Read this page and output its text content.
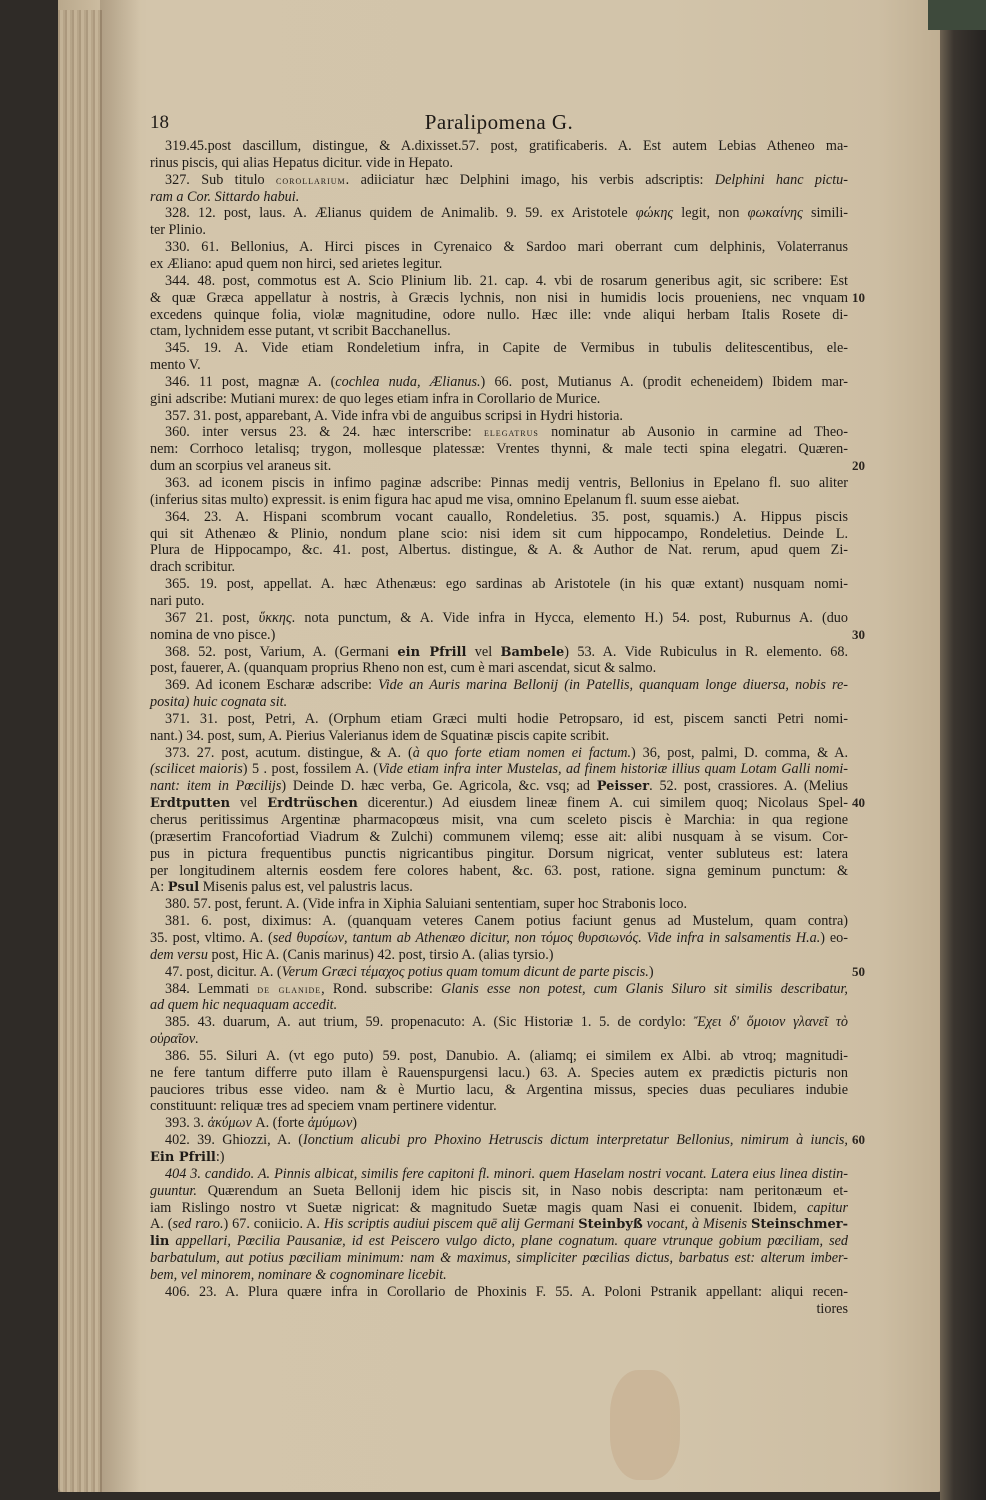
18	Paralipomena G.
319.45.post dascillum, distingue, & A.dixisset.57. post, gratificaberis. A. Est autem Lebias Atheneo ma-
rinus piscis, qui alias Hepatus dicitur. vide in Hepato.
327. Sub titulo corollarium. adiiciatur hæc Delphini imago, his verbis adscriptis: Delphini hanc pictu-
ram a Cor. Sittardo habui.
328. 12. post, laus. A. Ælianus quidem de Animalib. 9. 59. ex Aristotele φώκης legit, non φωκαίνης simili-
ter Plinio.
330. 61. Bellonius, A. Hirci pisces in Cyrenaico & Sardoo mari oberrant cum delphinis, Volaterranus
ex Æliano: apud quem non hirci, sed arietes legitur.
344. 48. post, commotus est A. Scio Plinium lib. 21. cap. 4. vbi de rosarum generibus agit, sic scribere: Est
& quæ Græca appellatur à nostris, à Græcis lychnis, non nisi in humidis locis proueniens, nec vnquam
excedens quinque folia, violæ magnitudine, odore nullo. Hæc ille: vnde aliqui herbam Italis Rosete di-
ctam, lychnidem esse putant, vt scribit Bacchanellus.
345. 19. A. Vide etiam Rondeletium infra, in Capite de Vermibus in tubulis delitescentibus, ele-
mento V.
346. 11 post, magnæ A. (cochlea nuda, Ælianus.) 66. post, Mutianus A. (prodit echeneidem) Ibidem mar-
gini adscribe: Mutiani murex: de quo leges etiam infra in Corollario de Murice.
357. 31. post, apparebant, A. Vide infra vbi de anguibus scripsi in Hydri historia.
360. inter versus 23. & 24. hæc interscribe: elegatrus nominatur ab Ausonio in carmine ad Theo-
nem: Corrhoco letalisq; trygon, mollesque platessæ: Vrentes thynni, & male tecti spina elegatri. Quæren-
dum an scorpius vel araneus sit.
363. ad iconem piscis in infimo paginæ adscribe: Pinnas medij ventris, Bellonius in Epelano fl. suo aliter
(inferius sitas multo) expressit. is enim figura hac apud me visa, omnino Epelanum fl. suum esse aiebat.
364. 23. A. Hispani scombrum vocant cauallo, Rondeletius. 35. post, squamis.) A. Hippus piscis
qui sit Athenæo & Plinio, nondum plane scio: nisi idem sit cum hippocampo, Rondeletius. Deinde L.
Plura de Hippocampo, &c. 41. post, Albertus. distingue, & A. & Author de Nat. rerum, apud quem Zi-
drach scribitur.
365. 19. post, appellat. A. hæc Athenæus: ego sardinas ab Aristotele (in his quæ extant) nusquam nomi-
nari puto.
367 21. post, ὕκκης. nota punctum, & A. Vide infra in Hycca, elemento H.) 54. post, Ruburnus A. (duo
nomina de vno pisce.)
368. 52. post, Varium, A. (Germani ein Pfrill vel Bambele) 53. A. Vide Rubiculus in R. elemento. 68.
post, fauerer, A. (quanquam proprius Rheno non est, cum è mari ascendat, sicut & salmo.
369. Ad iconem Escharæ adscribe: Vide an Auris marina Bellonij (in Patellis, quanquam longe diuersa, nobis re-
posita) huic cognata sit.
371. 31. post, Petri, A. (Orphum etiam Græci multi hodie Petropsaro, id est, piscem sancti Petri nomi-
nant.) 34. post, sum, A. Pierius Valerianus idem de Squatinæ piscis capite scribit.
373. 27. post, acutum. distingue, & A. (à quo forte etiam nomen ei factum.) 36, post, palmi, D. comma, & A.
(scilicet maioris) 5 . post, fossilem A. (Vide etiam infra inter Mustelas, ad finem historiæ illius quam Lotam Galli nomi-
nant: item in Pœcilijs) Deinde D. hæc verba, Ge. Agricola, &c. vsq; ad Peisser. 52. post, crassiores. A. (Melius
Erdtputten vel Erdtrüschen dicerentur.) Ad eiusdem lineæ finem A. cui similem quoq; Nicolaus Spel-
cherus peritissimus Argentinæ pharmacopœus misit, vna cum sceleto piscis è Marchia: in qua regione
(præsertim Francofortiad Viadrum & Zulchi) communem vilemq; esse ait: alibi nusquam à se visum. Cor-
pus in pictura frequentibus punctis nigricantibus pingitur. Dorsum nigricat, venter subluteus est: latera
per longitudinem alternis eosdem fere colores habent, &c. 63. post, ratione. signa geminum punctum: &
A: Psul Misenis palus est, vel palustris lacus.
380. 57. post, ferunt. A. (Vide infra in Xiphia Saluiani sententiam, super hoc Strabonis loco.
381. 6. post, diximus: A. (quanquam veteres Canem potius faciunt genus ad Mustelum, quam contra)
35. post, vltimo. A. (sed θυρσίων, tantum ab Athenæo dicitur, non τόμος θυρσιωνός. Vide infra in salsamentis H.a.) eo-
dem versu post, Hic A. (Canis marinus) 42. post, tirsio A. (alias tyrsio.)
47. post, dicitur. A. (Verum Græci τέμαχος potius quam tomum dicunt de parte piscis.)
384. Lemmati de glanide, Rond. subscribe: Glanis esse non potest, cum Glanis Siluro sit similis describatur,
ad quem hic nequaquam accedit.
385. 43. duarum, A. aut trium, 59. propenacuto: A. (Sic Historiæ 1. 5. de cordylo: Ἔχει δ' ὅμοιον γλανεῖ τὸ
οὐραῖον.
386. 55. Siluri A. (vt ego puto) 59. post, Danubio. A. (aliamq; ei similem ex Albi. ab vtroq; magnitudi-
ne fere tantum differre puto illam è Rauenspurgensi lacu.) 63. A. Species autem ex prædictis picturis non
pauciores tribus esse video. nam & è Murtio lacu, & Argentina missus, species duas peculiares indubie
constituunt: reliquæ tres ad speciem vnam pertinere videntur.
393. 3. ἀκύμων A. (forte ἀμύμων)
402. 39. Ghiozzi, A. (Ionctium alicubi pro Phoxino Hetruscis dictum interpretatur Bellonius, nimirum à iuncis,
Ein Pfrill:)
404 3. candido. A. Pinnis albicat, similis fere capitoni fl. minori. quem Haselam nostri vocant. Latera eius linea distin-
guuntur. Quærendum an Sueta Bellonij idem hic piscis sit, in Naso nobis descripta: nam peritonæum et-
iam Rislingo nostro vt Suetæ nigricat: & magnitudo Suetæ magis quam Nasi ei conuenit. Ibidem, capitur
A. (sed raro.) 67. coniicio. A. His scriptis audiui piscem quē alij Germani Steinbyß vocant, à Misenis Steinschmer-
lin appellari, Pœcilia Pausaniæ, id est Peiscero vulgo dicto, plane cognatum. quare vtrunque gobium pœciliam, sed
barbatulum, aut potius pœciliam minimum: nam & maximus, simpliciter pœcilias dictus, barbatus est: alterum imber-
bem, vel minorem, nominare & cognominare licebit.
406. 23. A. Plura quære infra in Corollario de Phoxinis F. 55. A. Poloni Pstranik appellant: aliqui recen-
tiores
10
20
30
40
50
60
